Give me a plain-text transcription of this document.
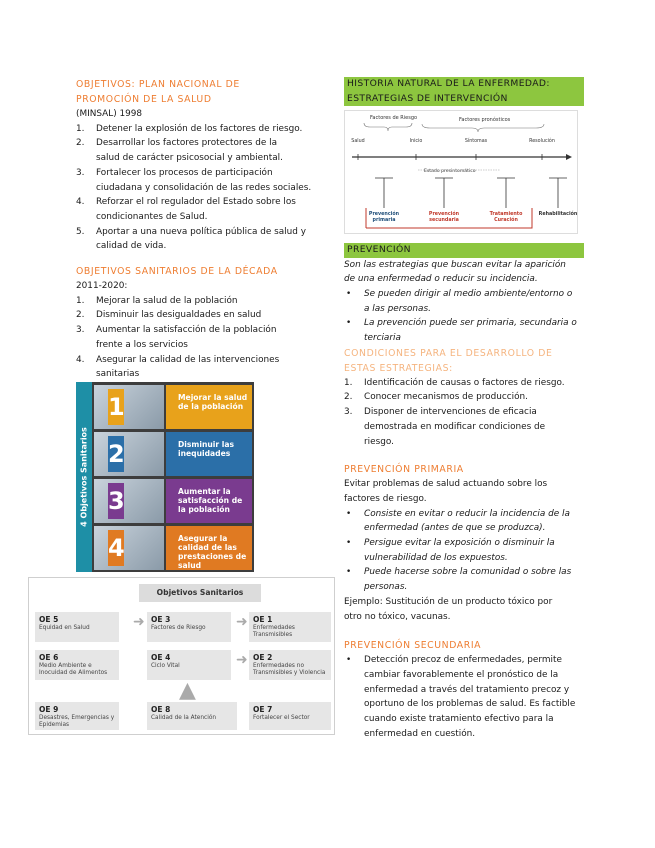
OBJETIVOS: PLAN NACIONAL DE
PROMOCIÓN DE LA SALUD
(MINSAL) 1998
1. Detener la explosión de los factores de riesgo.
2. Desarrollar los factores protectores de la
salud de carácter psicosocial y ambiental.
3. Fortalecer los procesos de participación
ciudadana y consolidación de las redes sociales.
4. Reforzar el rol regulador del Estado sobre los
condicionantes de Salud.
5. Aportar a una nueva política pública de salud y
calidad de vida.
OBJETIVOS SANITARIOS DE LA DÉCADA
2011-2020:
1. Mejorar la salud de la población
2. Disminuir las desigualdades en salud
3. Aumentar la satisfacción de la población
frente a los servicios
4. Asegurar la calidad de las intervenciones
sanitarias
4 Objetivos Sanitarios
1	Mejorar la salud de la población
2	Disminuir las inequidades
3	Aumentar la satisfacción de la población
4	Asegurar la calidad de las prestaciones de salud
Objetivos Sanitarios
OE 5
Equidad en Salud
OE 6
Medio Ambiente e Inocuidad de Alimentos
OE 9
Desastres, Emergencias y Epidemias
OE 3
Factores de Riesgo
OE 4
Ciclo Vital
OE 8
Calidad de la Atención
OE 1
Enfermedades Transmisibles
OE 2
Enfermedades no Transmisibles y Violencia
OE 7
Fortalecer el Sector
➜	➜
➜
▲
HISTORIA NATURAL DE LA ENFERMEDAD:
ESTRATEGIAS DE INTERVENCIÓN
Factores de Riesgo	Factores pronósticos
Salud	Inicio	Síntomas	Resolución
Estado presintomático
Prevención
primaria
Prevención
secundaria
Tratamiento
Curación
Rehabilitación
PREVENCIÓN
Son las estrategias que buscan evitar la aparición
de una enfermedad o reducir su incidencia.
• Se pueden dirigir al medio ambiente/entorno o
a las personas.
• La prevención puede ser primaria, secundaria o
terciaria
CONDICIONES PARA EL DESARROLLO DE
ESTAS ESTRATEGIAS:
1. Identificación de causas o factores de riesgo.
2. Conocer mecanismos de producción.
3. Disponer de intervenciones de eficacia
demostrada en modificar condiciones de
riesgo.
PREVENCIÓN PRIMARIA
Evitar problemas de salud actuando sobre los
factores de riesgo.
• Consiste en evitar o reducir la incidencia de la
enfermedad (antes de que se produzca).
• Persigue evitar la exposición o disminuir la
vulnerabilidad de los expuestos.
• Puede hacerse sobre la comunidad o sobre las
personas.
Ejemplo: Sustitución de un producto tóxico por
otro no tóxico, vacunas.
PREVENCIÓN SECUNDARIA
• Detección precoz de enfermedades, permite
cambiar favorablemente el pronóstico de la
enfermedad a través del tratamiento precoz y
oportuno de los problemas de salud. Es factible
cuando existe tratamiento efectivo para la
enfermedad en cuestión.
